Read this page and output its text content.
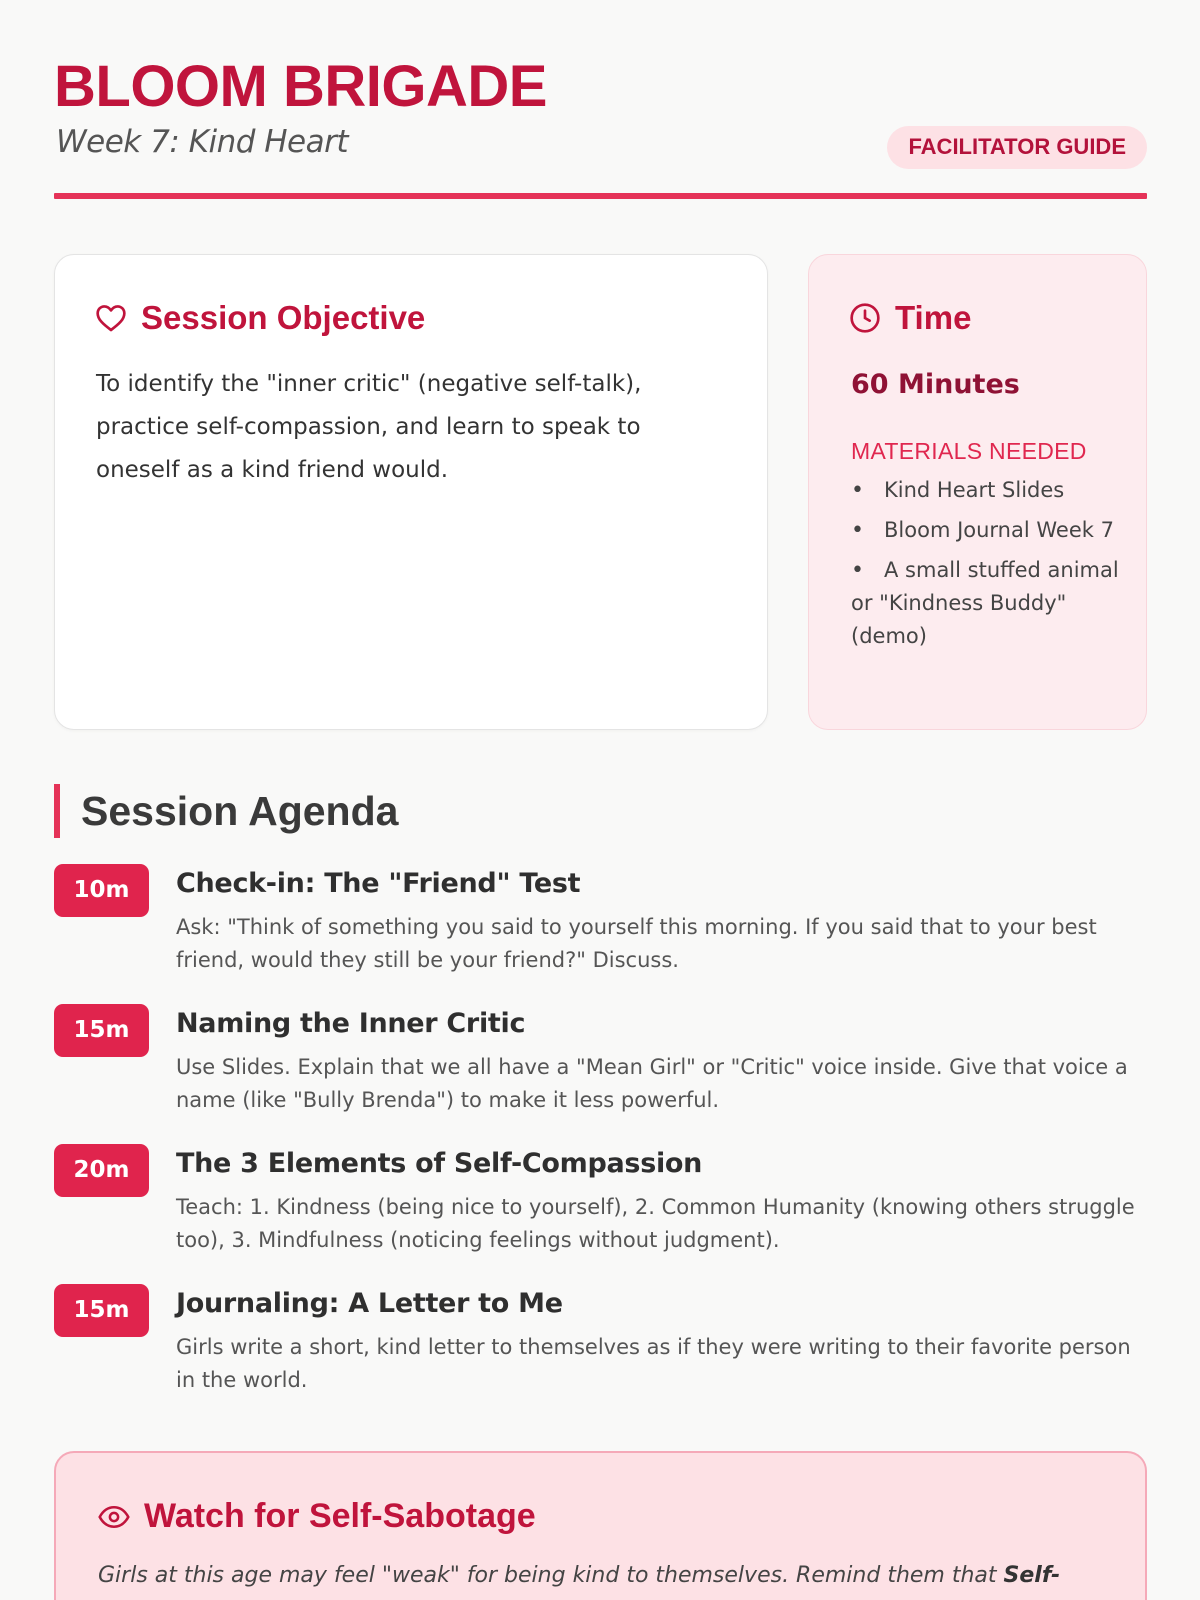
BLOOM BRIGADE
Week 7: Kind Heart	FACILITATOR GUIDE
Session Objective
To identify the "inner critic" (negative self-talk), practice self-compassion, and learn to speak to oneself as a kind friend would.
Time
60 Minutes
MATERIALS NEEDED
• Kind Heart Slides
• Bloom Journal Week 7
• A small stuffed animal or "Kindness Buddy" (demo)
Session Agenda
10m	Check-in: The "Friend" Test
Ask: "Think of something you said to yourself this morning. If you said that to your best friend, would they still be your friend?" Discuss.
15m	Naming the Inner Critic
Use Slides. Explain that we all have a "Mean Girl" or "Critic" voice inside. Give that voice a name (like "Bully Brenda") to make it less powerful.
20m	The 3 Elements of Self-Compassion
Teach: 1. Kindness (being nice to yourself), 2. Common Humanity (knowing others struggle too), 3. Mindfulness (noticing feelings without judgment).
15m	Journaling: A Letter to Me
Girls write a short, kind letter to themselves as if they were writing to their favorite person in the world.
Watch for Self-Sabotage
Girls at this age may feel "weak" for being kind to themselves. Remind them that Self-
